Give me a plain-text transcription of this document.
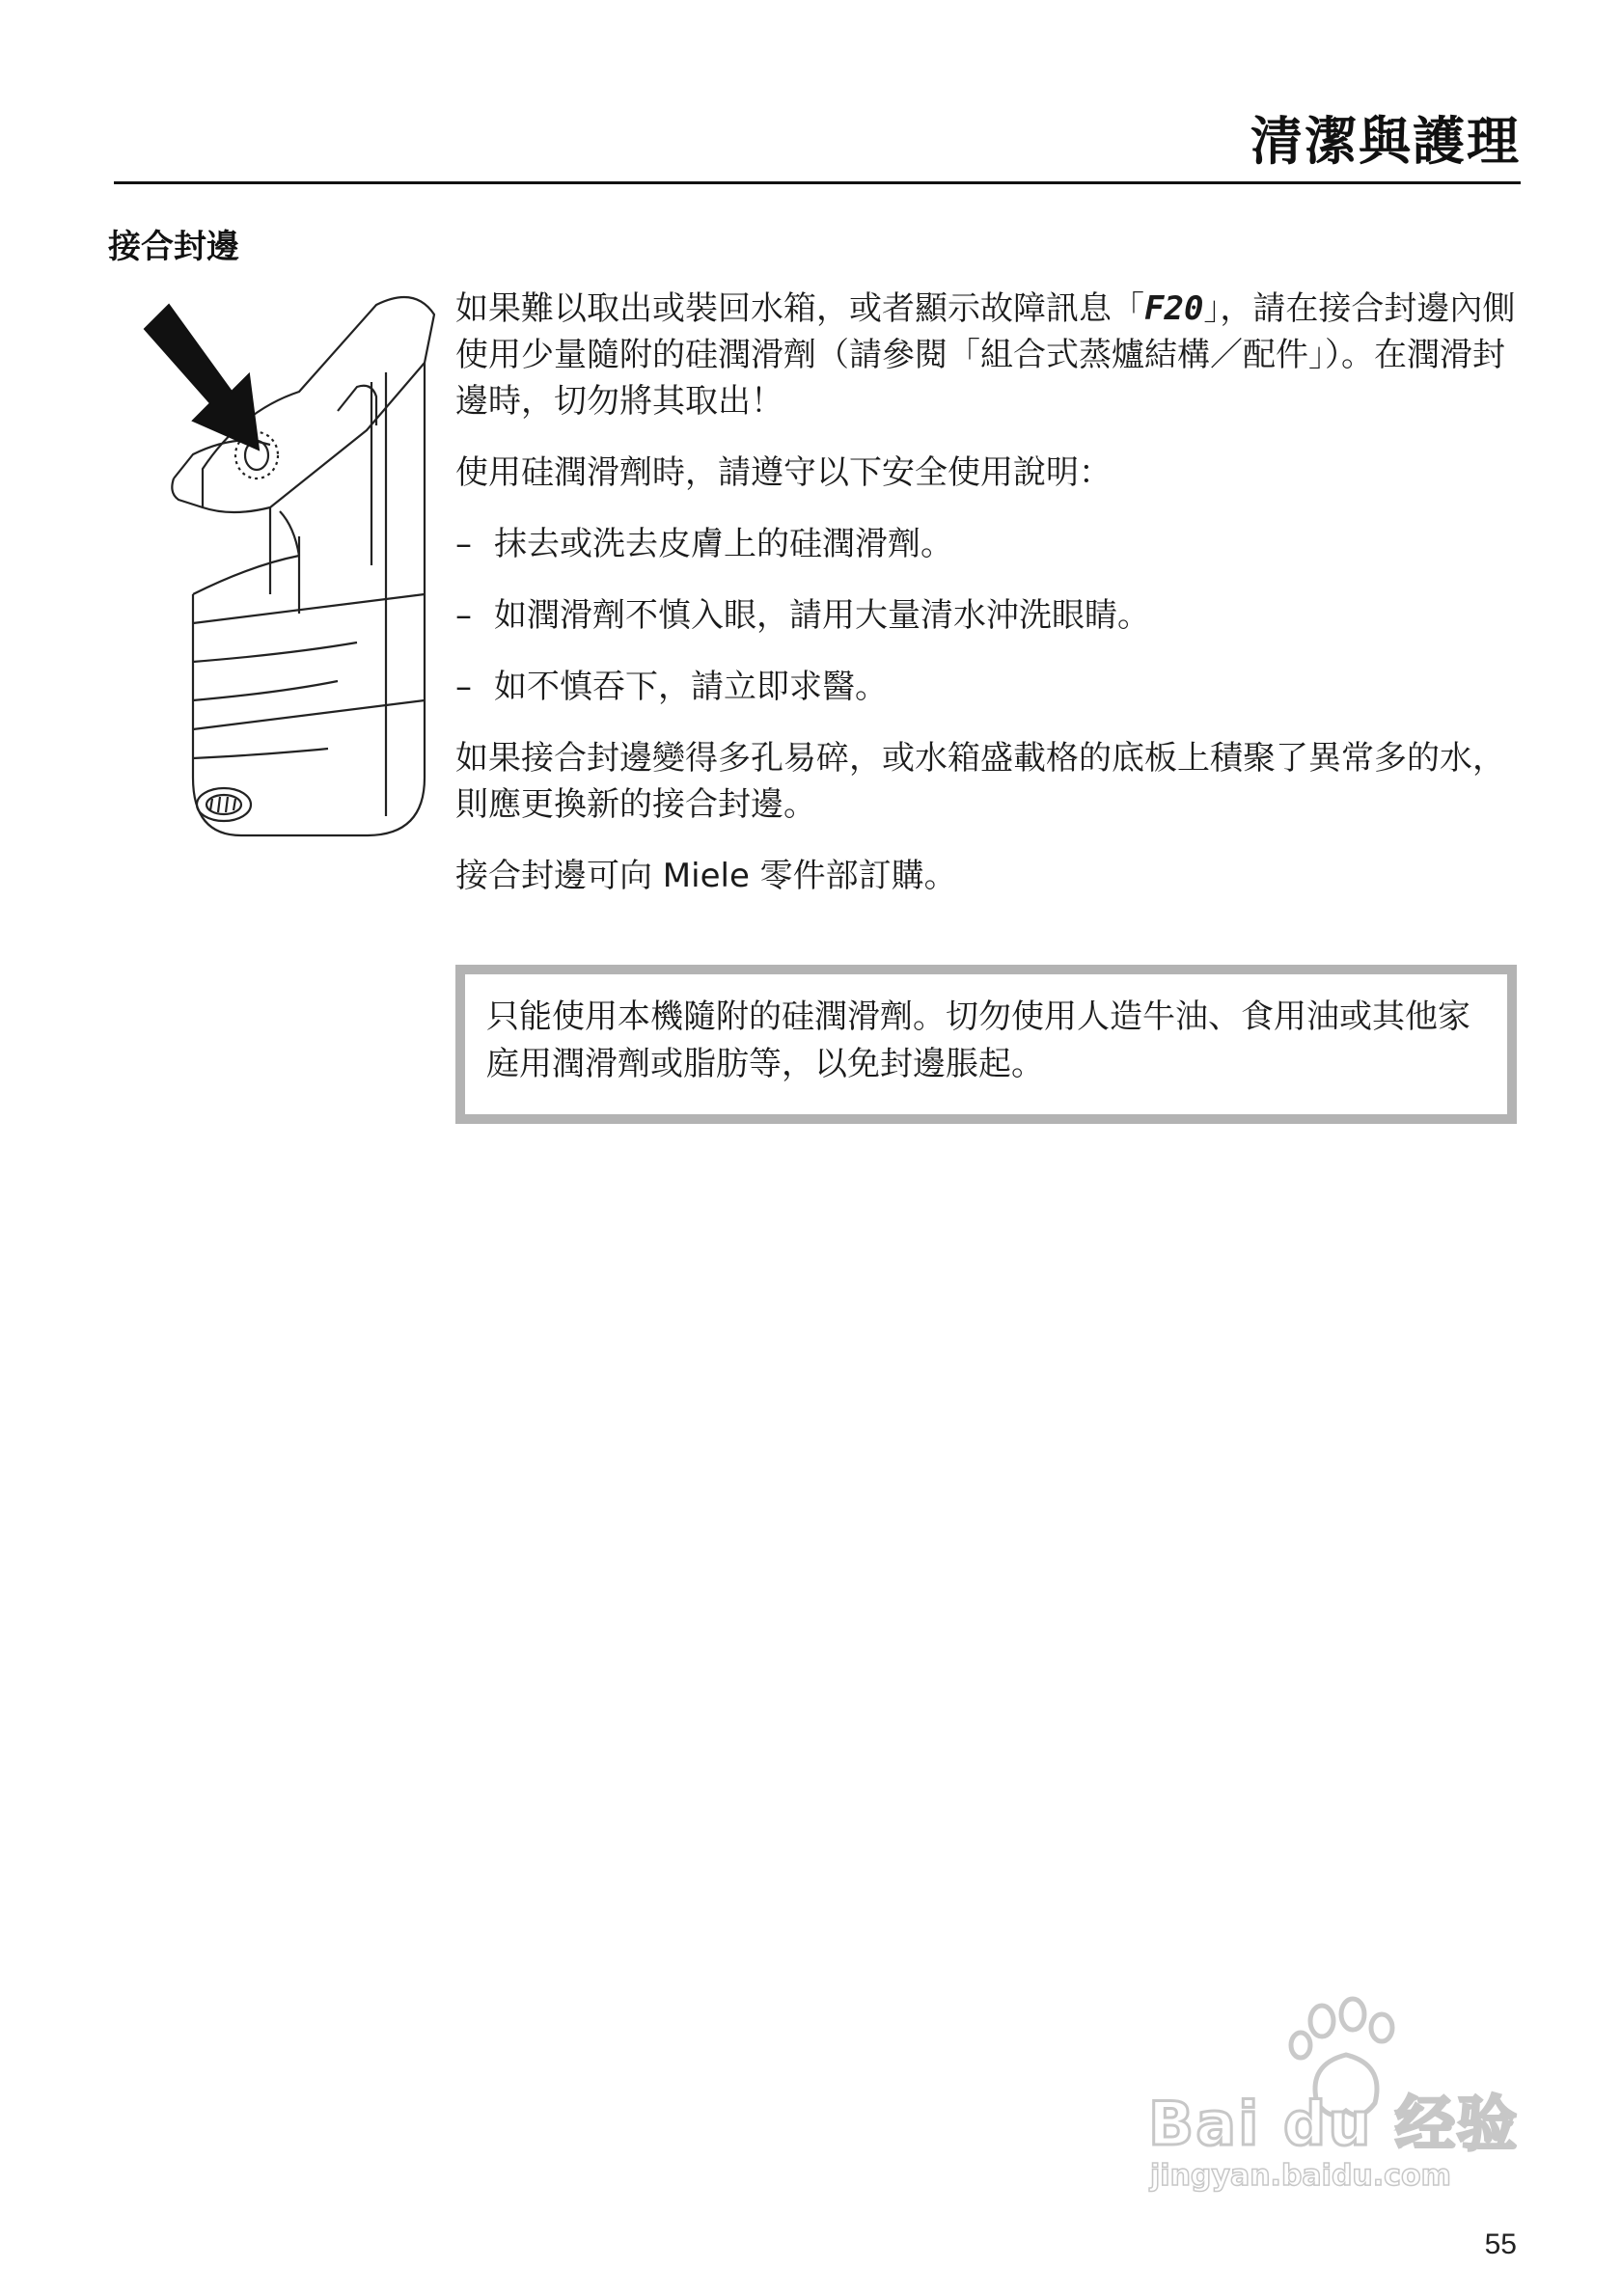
清潔與護理
接合封邊

如果難以取出或裝回水箱，或者顯示故障訊息「F20」，請在接合封邊內側使用少量隨附的硅潤滑劑（請參閱「組合式蒸爐結構／配件」）。在潤滑封邊時，切勿將其取出！

使用硅潤滑劑時，請遵守以下安全使用說明：

– 抹去或洗去皮膚上的硅潤滑劑。
– 如潤滑劑不慎入眼，請用大量清水沖洗眼睛。
– 如不慎吞下，請立即求醫。

如果接合封邊變得多孔易碎，或水箱盛載格的底板上積聚了異常多的水，則應更換新的接合封邊。

接合封邊可向 Miele 零件部訂購。

只能使用本機隨附的硅潤滑劑。切勿使用人造牛油、食用油或其他家庭用潤滑劑或脂肪等，以免封邊脹起。
Bai du 经验
jingyan.baidu.com
55
